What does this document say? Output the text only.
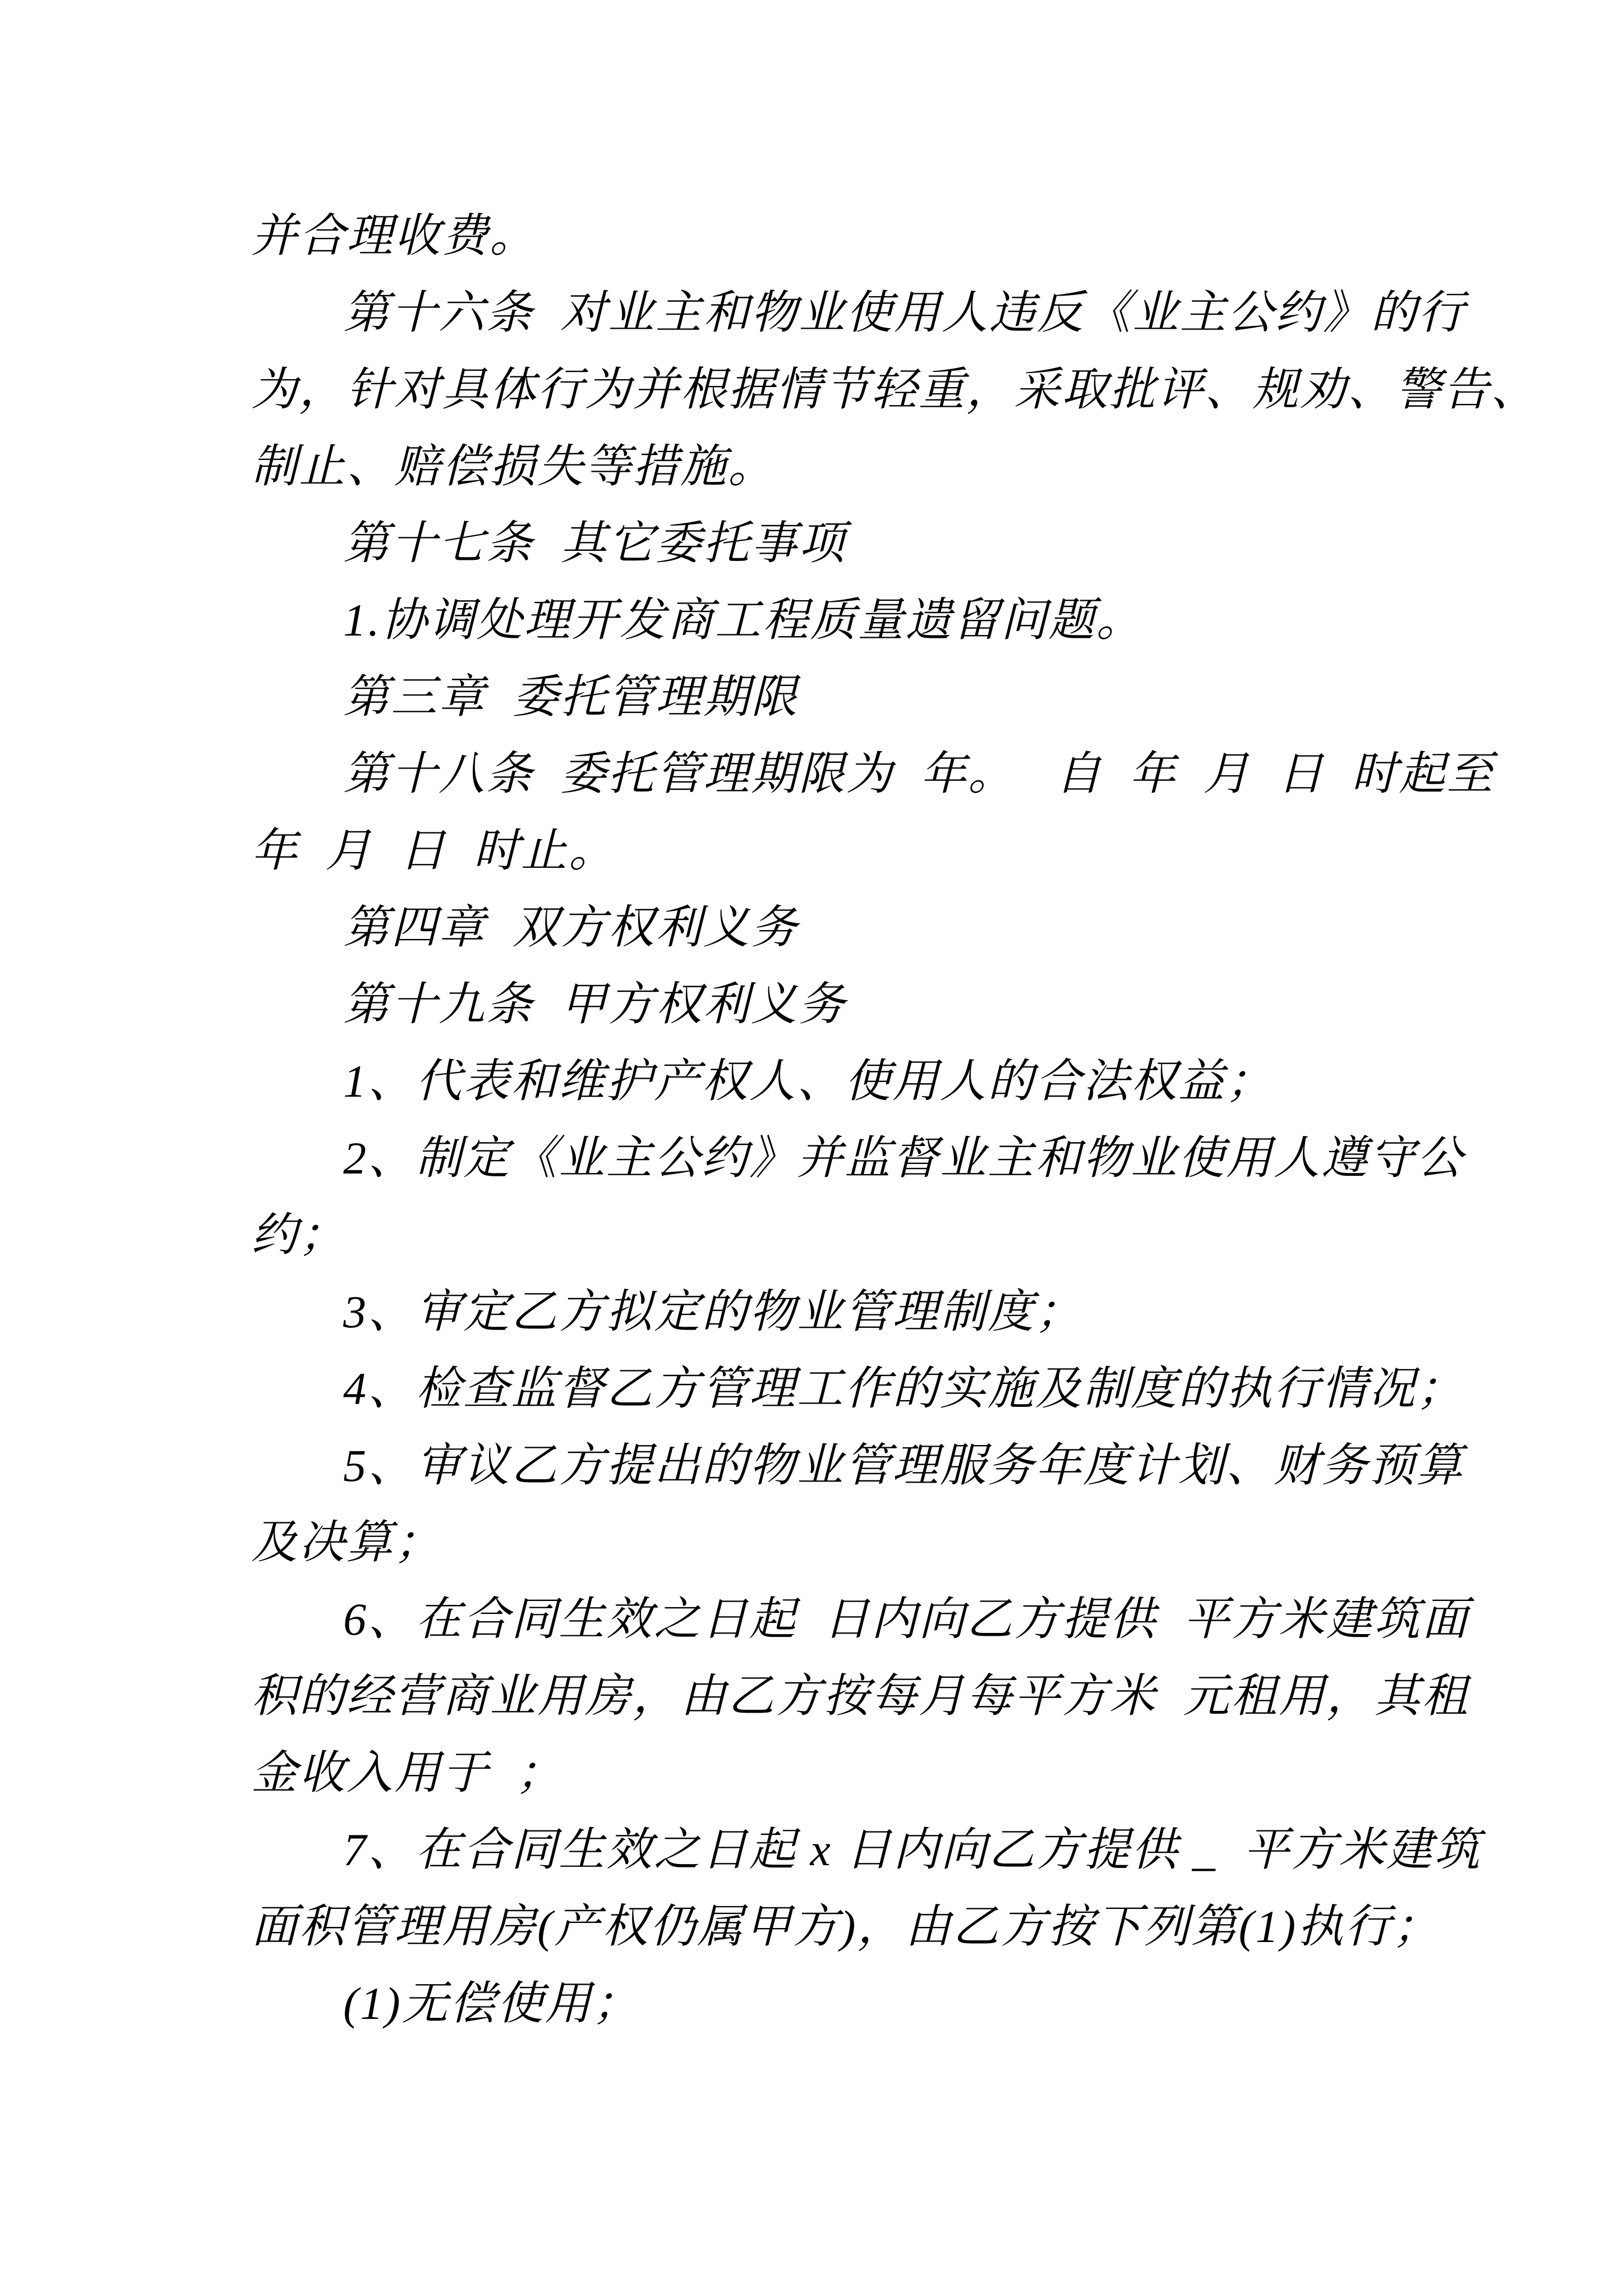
并合理收费。
第十六条  对业主和物业使用人违反《业主公约》的行
为，针对具体行为并根据情节轻重，采取批评、规劝、警告、
制止、赔偿损失等措施。
第十七条  其它委托事项
1.协调处理开发商工程质量遗留问题。
第三章  委托管理期限
第十八条  委托管理期限为  年。   自  年  月  日  时起至
年  月  日  时止。
第四章  双方权利义务
第十九条  甲方权利义务
1、代表和维护产权人、使用人的合法权益；
2、制定《业主公约》并监督业主和物业使用人遵守公
约；
3、审定乙方拟定的物业管理制度；
4、检查监督乙方管理工作的实施及制度的执行情况；
5、审议乙方提出的物业管理服务年度计划、财务预算
及决算；
6、在合同生效之日起  日内向乙方提供  平方米建筑面
积的经营商业用房，由乙方按每月每平方米  元租用，其租
金收入用于  ；
7、在合同生效之日起 x 日内向乙方提供 _  平方米建筑
面积管理用房(产权仍属甲方)，由乙方按下列第(1)执行；
(1)无偿使用；
